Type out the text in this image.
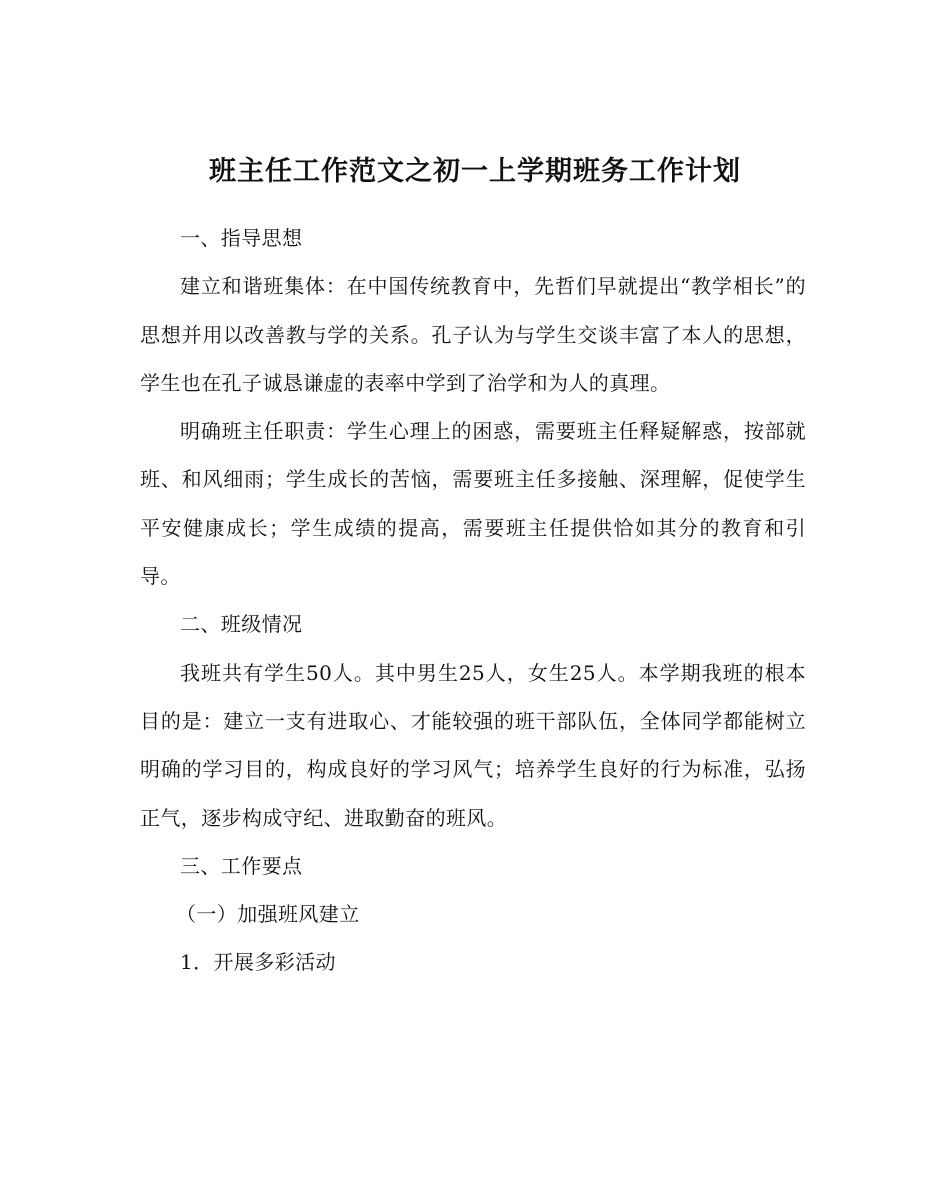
班主任工作范文之初一上学期班务工作计划

一、指导思想

建立和谐班集体：在中国传统教育中，先哲们早就提出“教学相长”的思想并用以改善教与学的关系。孔子认为与学生交谈丰富了本人的思想，学生也在孔子诚恳谦虚的表率中学到了治学和为人的真理。

明确班主任职责：学生心理上的困惑，需要班主任释疑解惑，按部就班、和风细雨；学生成长的苦恼，需要班主任多接触、深理解，促使学生平安健康成长；学生成绩的提高，需要班主任提供恰如其分的教育和引导。

二、班级情况

我班共有学生50人。其中男生25人，女生25人。本学期我班的根本目的是：建立一支有进取心、才能较强的班干部队伍，全体同学都能树立明确的学习目的，构成良好的学习风气；培养学生良好的行为标准，弘扬正气，逐步构成守纪、进取勤奋的班风。

三、工作要点

（一）加强班风建立

1．开展多彩活动
